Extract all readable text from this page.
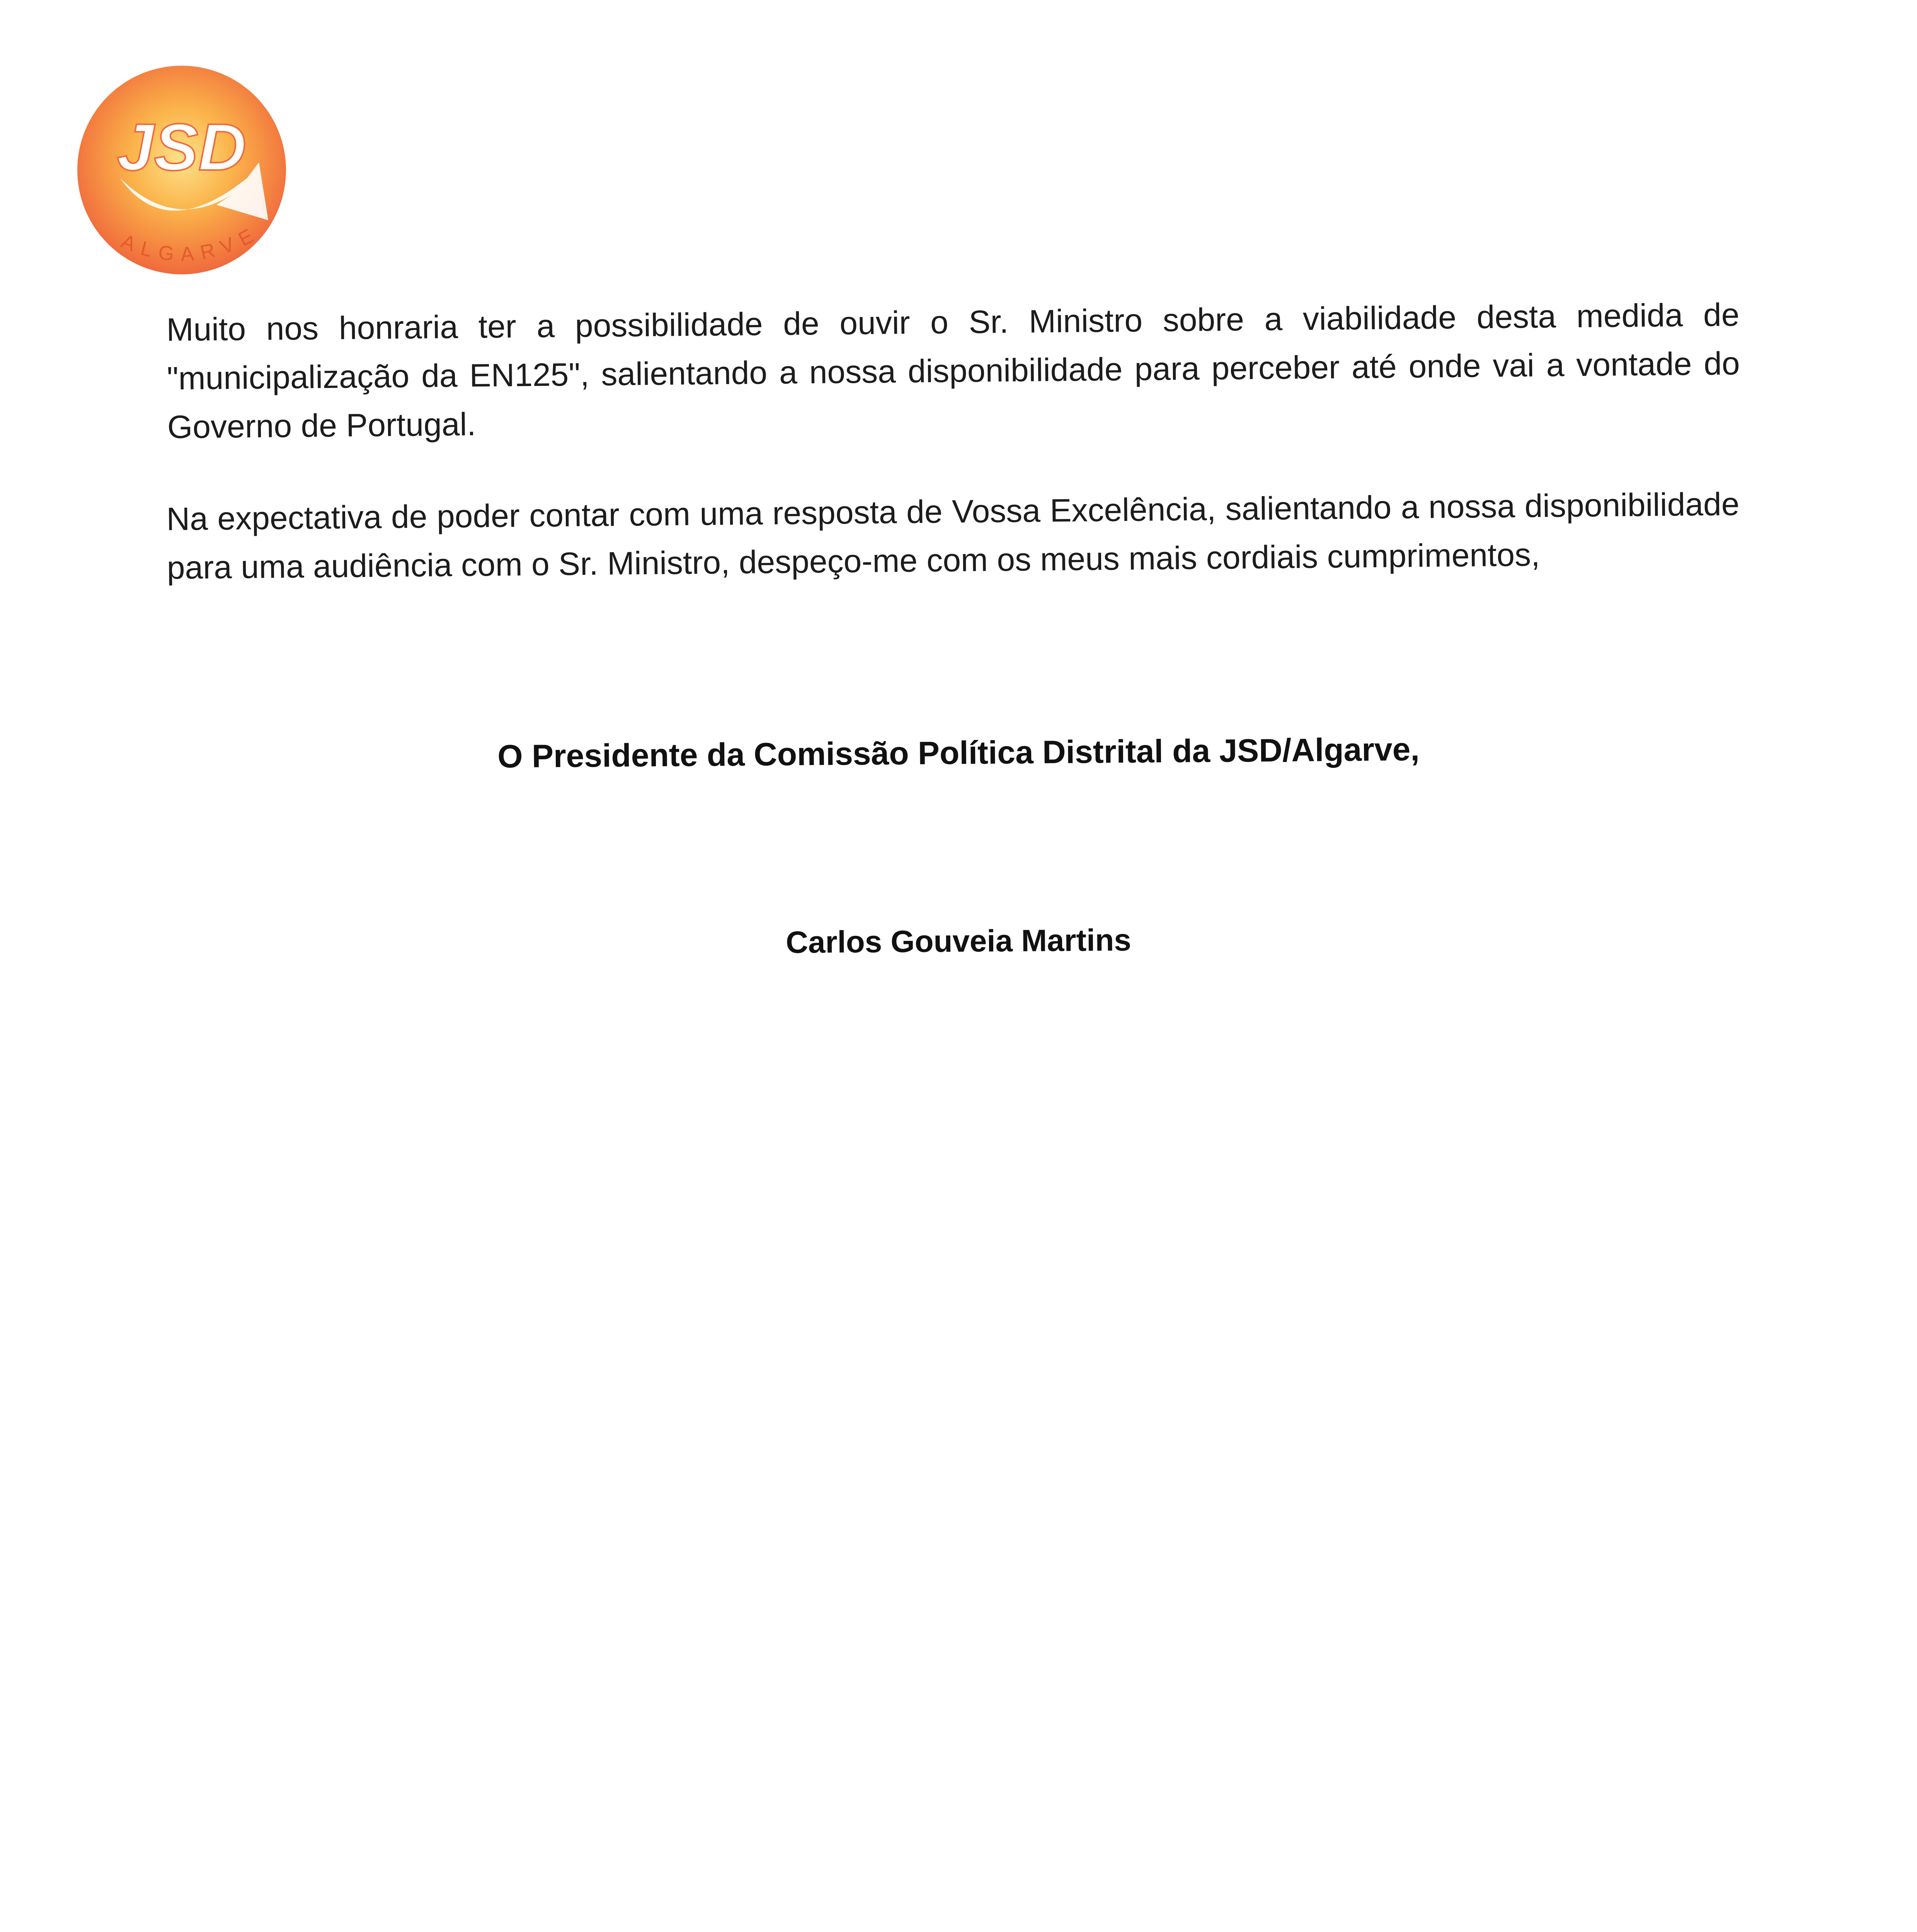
JSD
ALGARVE
Muito nos honraria ter a possibilidade de ouvir o Sr. Ministro sobre a viabilidade desta medida de "municipalização da EN125", salientando a nossa disponibilidade para perceber até onde vai a vontade do Governo de Portugal.
Na expectativa de poder contar com uma resposta de Vossa Excelência, salientando a nossa disponibilidade para uma audiência com o Sr. Ministro, despeço-me com os meus mais cordiais cumprimentos,
O Presidente da Comissão Política Distrital da JSD/Algarve,
Carlos Gouveia Martins
